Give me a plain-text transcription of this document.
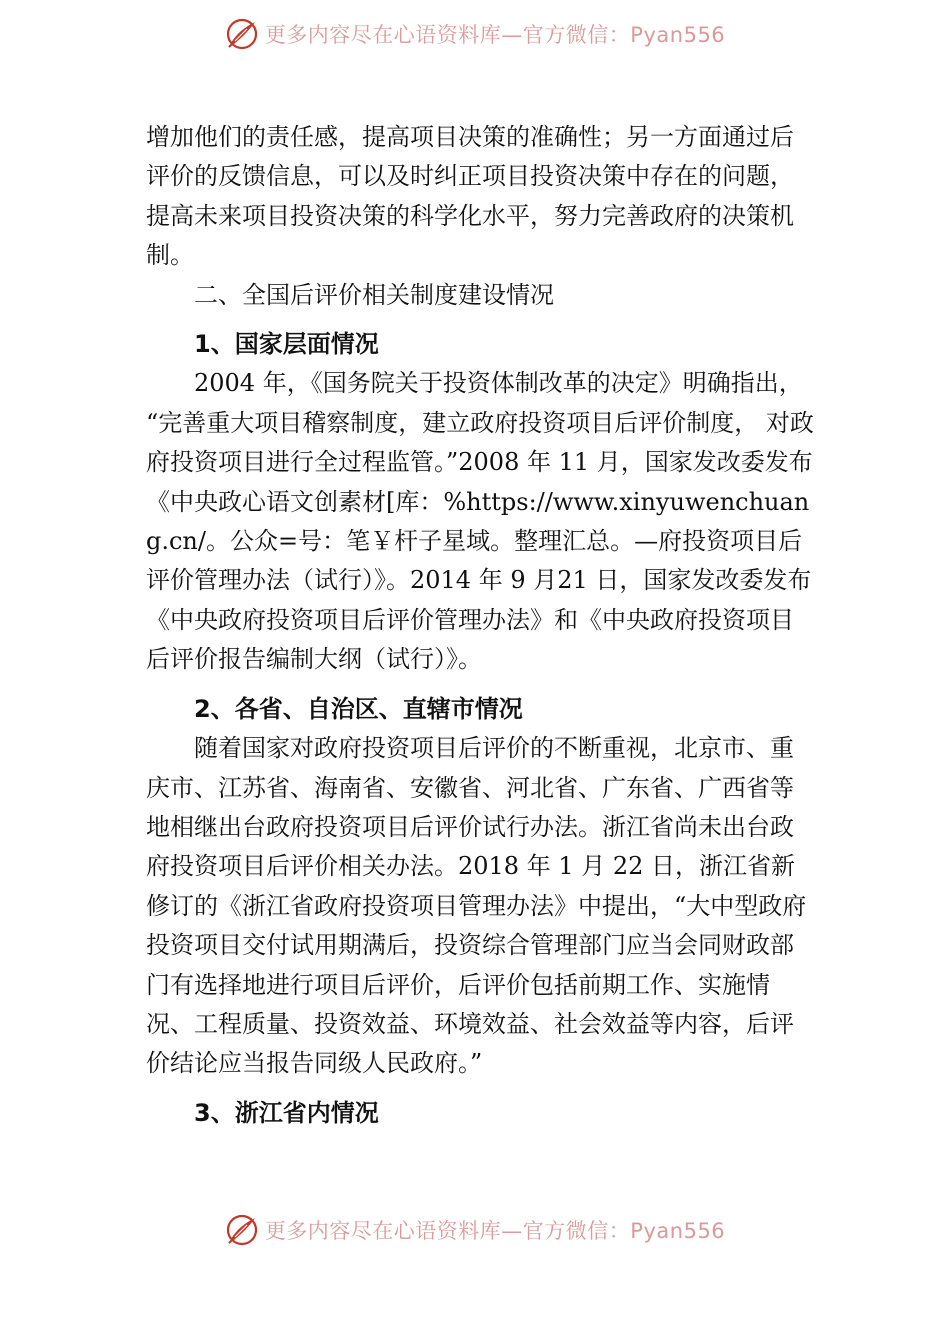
更多内容尽在心语资料库—官方微信：Pyan556

增加他们的责任感，提高项目决策的准确性；另一方面通过后评价的反馈信息，可以及时纠正项目投资决策中存在的问题，提高未来项目投资决策的科学化水平，努力完善政府的决策机制。

二、全国后评价相关制度建设情况

1、国家层面情况

2004 年，《国务院关于投资体制改革的决定》明确指出， “完善重大项目稽察制度，建立政府投资项目后评价制度， 对政府投资项目进行全过程监管。”2008 年 11 月，国家发改委发布《中央政心语文创素材[库：%https://www.xinyuwenchuang.cn/。公众=号：笔￥杆子星域。整理汇总。—府投资项目后评价管理办法（试行）》。2014 年 9 月21 日，国家发改委发布《中央政府投资项目后评价管理办法》和《中央政府投资项目后评价报告编制大纲（试行）》。

2、各省、自治区、直辖市情况

随着国家对政府投资项目后评价的不断重视，北京市、重庆市、江苏省、海南省、安徽省、河北省、广东省、广西省等地相继出台政府投资项目后评价试行办法。浙江省尚未出台政府投资项目后评价相关办法。2018 年 1 月 22 日，浙江省新修订的《浙江省政府投资项目管理办法》中提出，“大中型政府投资项目交付试用期满后，投资综合管理部门应当会同财政部门有选择地进行项目后评价，后评价包括前期工作、实施情况、工程质量、投资效益、环境效益、社会效益等内容，后评价结论应当报告同级人民政府。”

3、浙江省内情况

更多内容尽在心语资料库—官方微信：Pyan556
